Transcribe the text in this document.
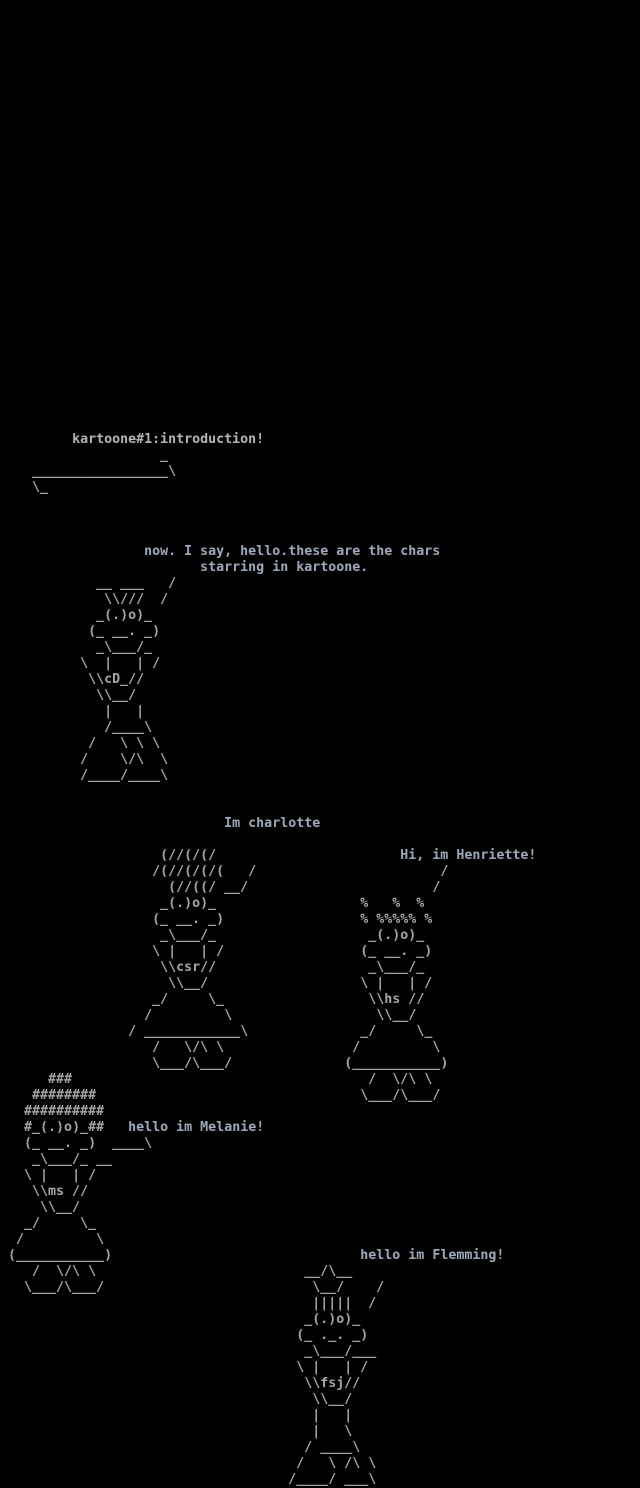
kartoone#1:introduction!
_
_________________\
\_
now. I say, hello.these are the chars
starring in kartoone.
__ ___   /
\\///  /
_(.)o)_
(_ __. _)
_\___/_
\  |   | /
\\cD_//
\\__/
|   |
/____\
/   \ \ \
/    \/\  \
/____/____\
Im charlotte
(//(/(/	Hi, im Henriette!
/(//(/(/( /	/
(//((/ __/	/
_(.)o)_	%   %  %
(_ __. _)	% %%%%% %
_\___/_	_(.)o)_
\ |   | /	(_ __. _)
\\csr//	_\___/_
\\__/	\ |   | /
_/     \_	\\hs //
/	\	\\__/
/ ____________\	_/	\_
/   \/\ \	/	\
\___/\___/	(___________)
###	/  \/\ \
########	\___/\___/
##########
#_(.)o)_## hello im Melanie!
(_ __. _) ____\
_\___/_ __
\ |   | /
\\ms //
\\__/
_/     \_
/	\
(___________)	hello im Flemming!
/  \/\ \	__/\__
\___/\___/	\__/ /
||||| /
_(.)o)_
(_ ._. _)
_\___/___
\ |   | /
\\fsj//
\\__/
|   |
|   \
/ ____\
/   \ /\ \
/____/ ___\
